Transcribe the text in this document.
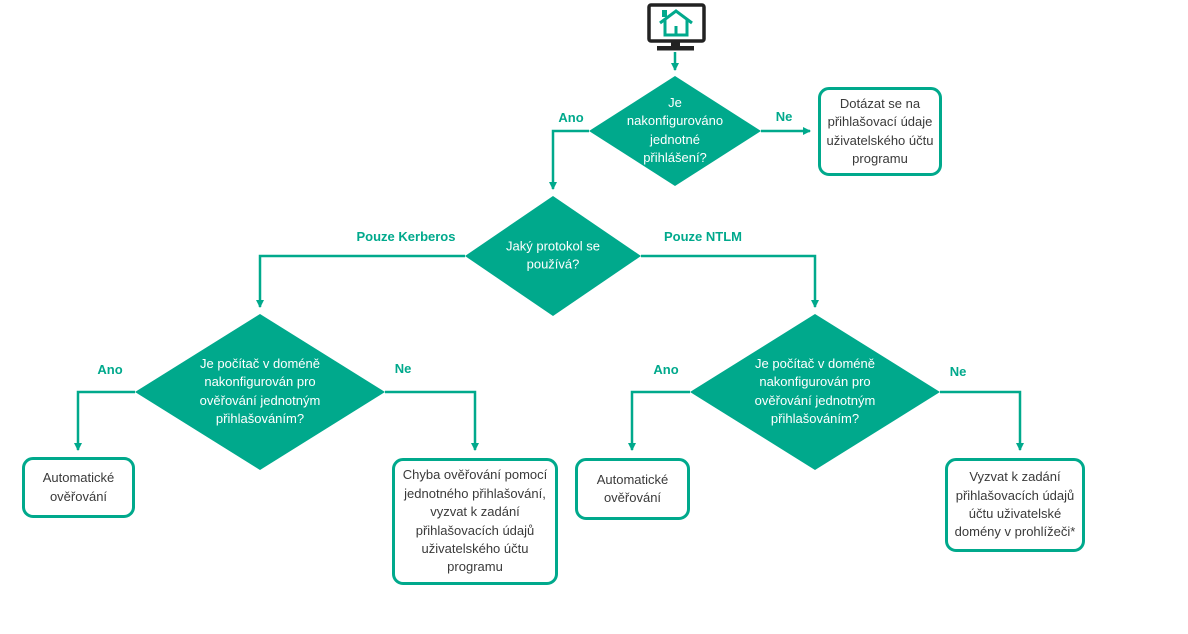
Je nakonfigurováno jednotné přihlášení?
Jaký protokol se používá?
Je počítač v doméně nakonfigurován pro ověřování jednotným přihlašováním?
Je počítač v doméně nakonfigurován pro ověřování jednotným přihlašováním?
Dotázat se na přihlašovací údaje uživatelského účtu programu
Automatické ověřování
Chyba ověřování pomocí jednotného přihlašování, vyzvat k zadání přihlašovacích údajů uživatelského účtu programu
Automatické ověřování
Vyzvat k zadání přihlašovacích údajů účtu uživatelské domény v prohlížeči*
Ano	Ne
Pouze Kerberos	Pouze NTLM
Ano	Ne	Ano	Ne
